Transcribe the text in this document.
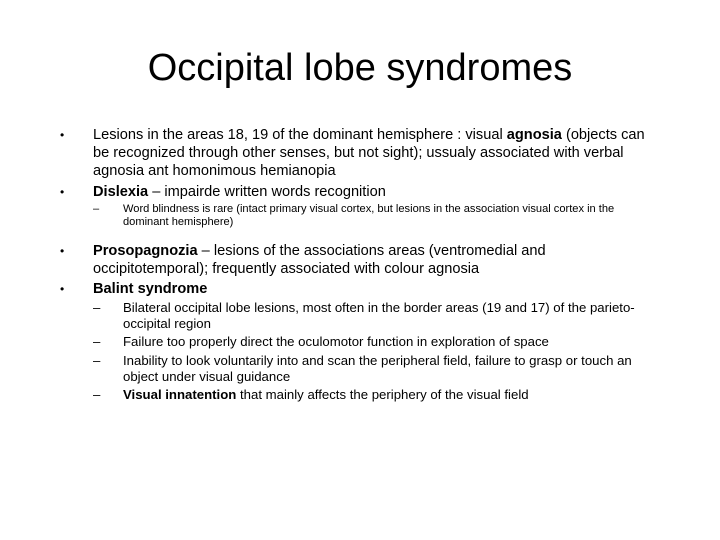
Occipital lobe syndromes
• Lesions in the areas 18, 19 of the dominant hemisphere : visual agnosia (objects can be recognized through other senses, but not sight); ussualy associated with verbal agnosia ant homonimous hemianopia
• Dislexia – impairde written words recognition
– Word blindness is rare (intact primary visual cortex, but lesions in the association visual cortex in the dominant hemisphere)
• Prosopagnozia – lesions of the associations areas (ventromedial and occipitotemporal); frequently associated with colour agnosia
• Balint syndrome
– Bilateral occipital lobe lesions, most often in the border areas (19 and 17) of the parieto-occipital region
– Failure too properly direct the oculomotor function in exploration of space
– Inability to look voluntarily into and scan the peripheral field, failure to grasp or touch an object under visual guidance
– Visual innatention that mainly affects the periphery of the visual field
